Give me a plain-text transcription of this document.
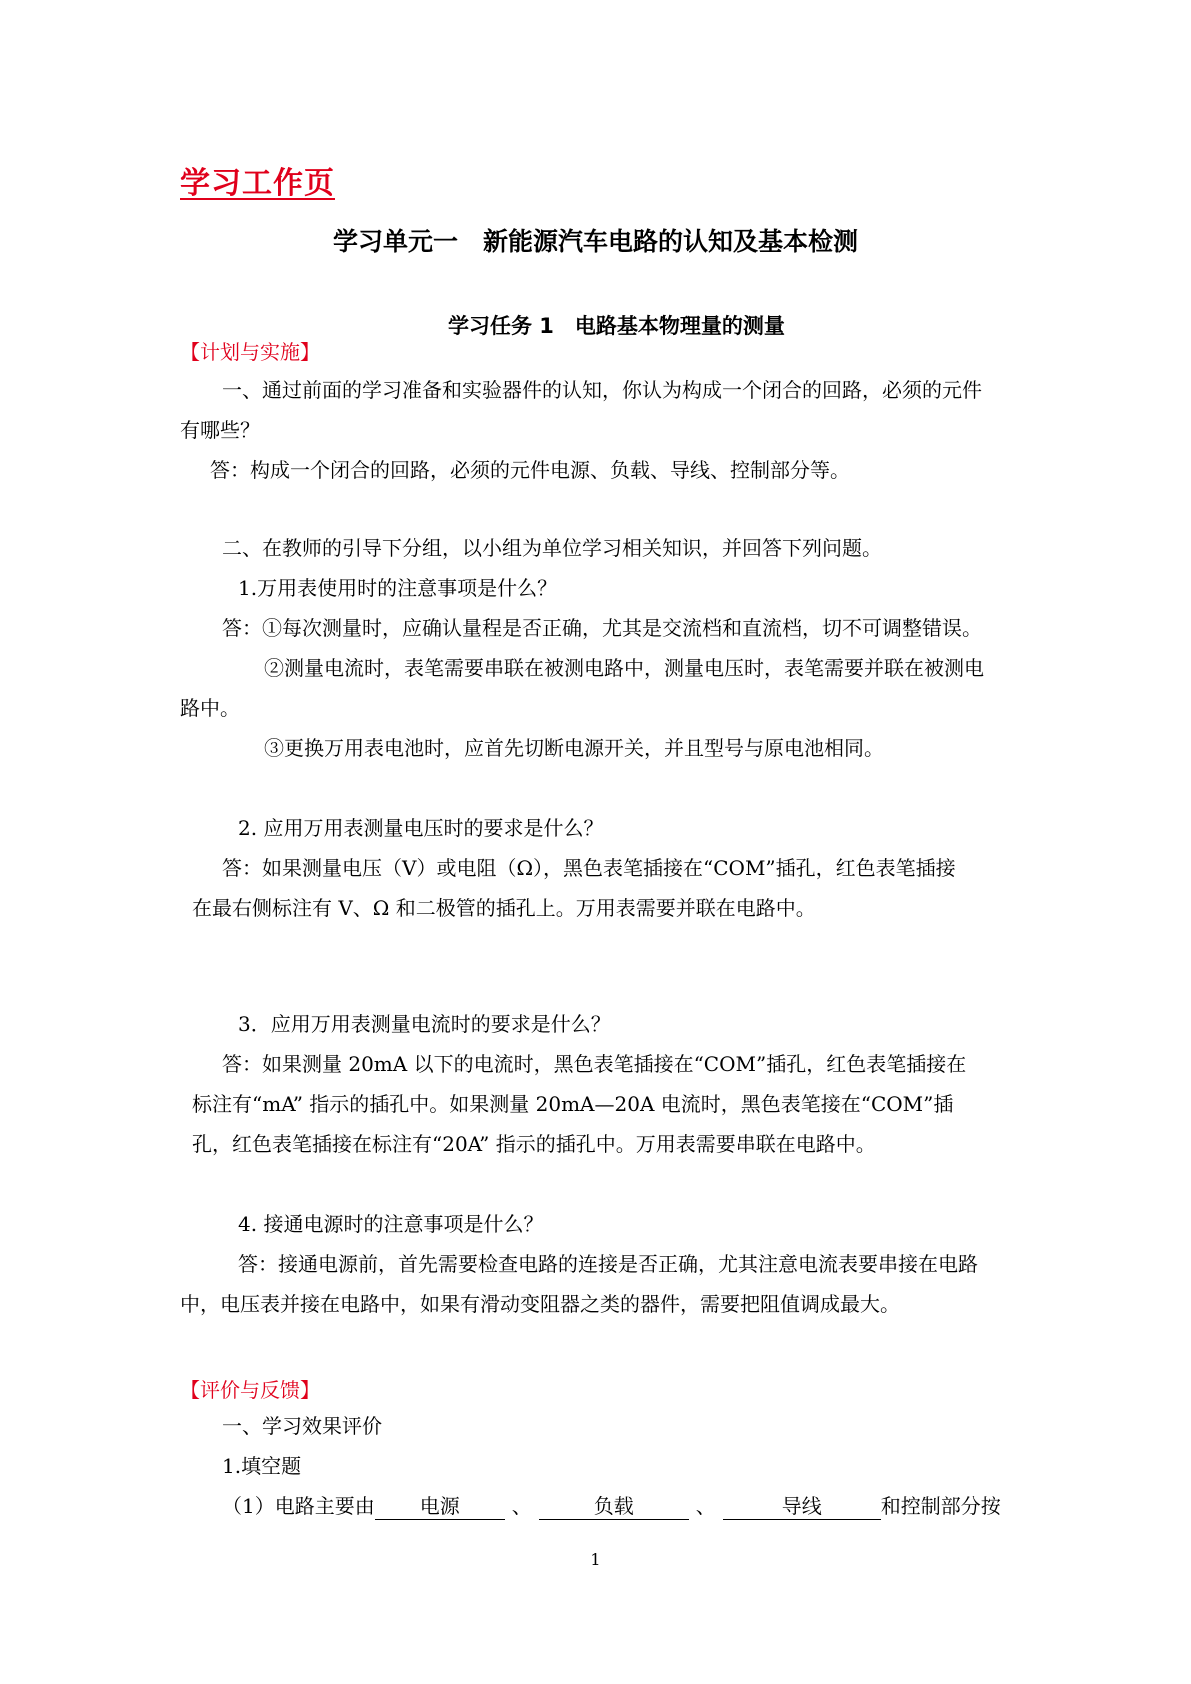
学习工作页
学习单元一　新能源汽车电路的认知及基本检测
学习任务 1　电路基本物理量的测量
【计划与实施】
一、通过前面的学习准备和实验器件的认知，你认为构成一个闭合的回路，必须的元件
有哪些？
答：构成一个闭合的回路，必须的元件电源、负载、导线、控制部分等。
二、在教师的引导下分组，以小组为单位学习相关知识，并回答下列问题。
1.万用表使用时的注意事项是什么？
答：①每次测量时，应确认量程是否正确，尤其是交流档和直流档，切不可调整错误。
②测量电流时，表笔需要串联在被测电路中，测量电压时，表笔需要并联在被测电
路中。
③更换万用表电池时，应首先切断电源开关，并且型号与原电池相同。
2. 应用万用表测量电压时的要求是什么？
答：如果测量电压（V）或电阻（Ω），黑色表笔插接在“COM”插孔，红色表笔插接
在最右侧标注有 V、Ω 和二极管的插孔上。万用表需要并联在电路中。
3．应用万用表测量电流时的要求是什么？
答：如果测量 20mA 以下的电流时，黑色表笔插接在“COM”插孔，红色表笔插接在
标注有“mA” 指示的插孔中。如果测量 20mA—20A 电流时，黑色表笔接在“COM”插
孔，红色表笔插接在标注有“20A” 指示的插孔中。万用表需要串联在电路中。
4. 接通电源时的注意事项是什么？
答：接通电源前，首先需要检查电路的连接是否正确，尤其注意电流表要串接在电路
中，电压表并接在电路中，如果有滑动变阻器之类的器件，需要把阻值调成最大。
【评价与反馈】
一、学习效果评价
1.填空题
（1）电路主要由 电源	、	负载	、	导线	和控制部分按
1
